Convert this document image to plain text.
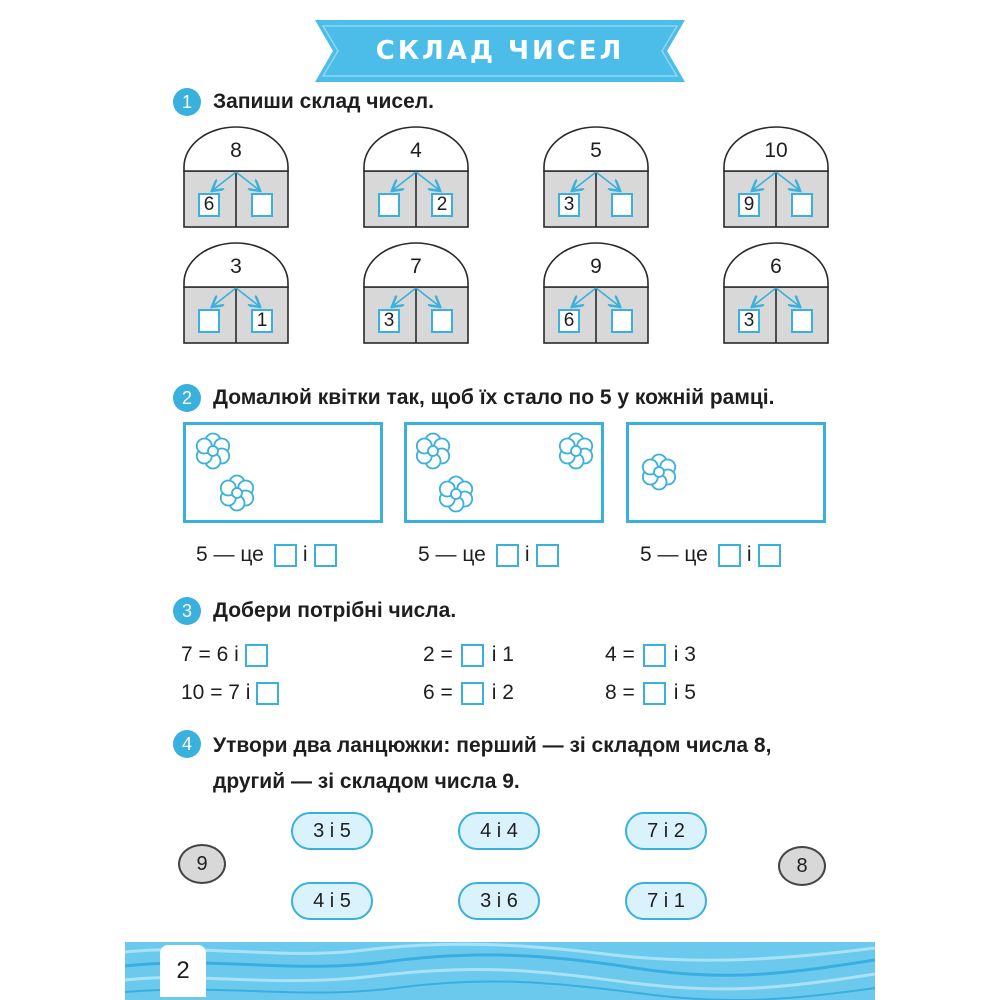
СКЛАД ЧИСЕЛ
1	Запиши склад чисел.
8
6
4
2
5
3
10
9
3
1
7
3
9
6
6
3
2	Домалюй квітки так, щоб їх стало по 5 у кожній рамці.
5 — це і	5 — це і	5 — це і
3	Добери потрібні числа.
7 = 6 і	2 = і 1	4 = і 3
10 = 7 і	6 = і 2	8 = і 5
4	Утвори два ланцюжки: перший — зі складом числа 8,
другий — зі складом числа 9.
9	8
3 і 5	4 і 4	7 і 2
4 і 5	3 і 6	7 і 1
2
